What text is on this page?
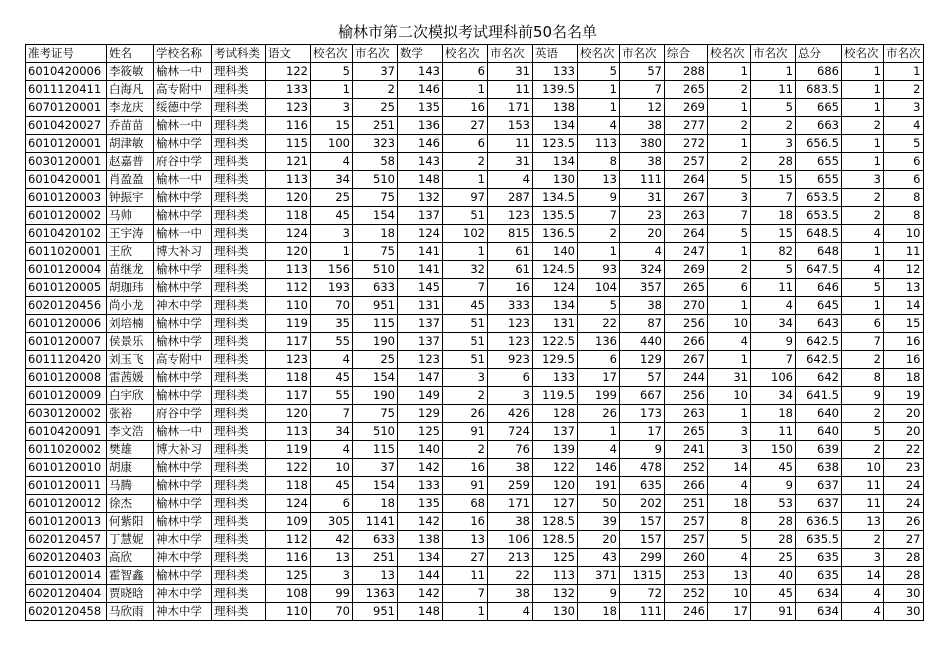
榆林市第二次模拟考试理科前50名名单
准考证号	姓名	学校名称	考试科类	语文	校名次	市名次	数学	校名次	市名次	英语	校名次	市名次	综合	校名次	市名次	总分	校名次	市名次
6010420006	李筱敏	榆林一中	理科类	122	5	37	143	6	31	133	5	57	288	1	1	686	1	1
6011120411	白海凡	高专附中	理科类	133	1	2	146	1	11	139.5	1	7	265	2	11	683.5	1	2
6070120001	李龙庆	绥德中学	理科类	123	3	25	135	16	171	138	1	12	269	1	5	665	1	3
6010420027	乔苗苗	榆林一中	理科类	116	15	251	136	27	153	134	4	38	277	2	2	663	2	4
6010120001	胡津敏	榆林中学	理科类	115	100	323	146	6	11	123.5	113	380	272	1	3	656.5	1	5
6030120001	赵嘉普	府谷中学	理科类	121	4	58	143	2	31	134	8	38	257	2	28	655	1	6
6010420001	肖盈盈	榆林一中	理科类	113	34	510	148	1	4	130	13	111	264	5	15	655	3	6
6010120003	钟振宇	榆林中学	理科类	120	25	75	132	97	287	134.5	9	31	267	3	7	653.5	2	8
6010120002	马帅	榆林中学	理科类	118	45	154	137	51	123	135.5	7	23	263	7	18	653.5	2	8
6010420102	王宇涛	榆林一中	理科类	124	3	18	124	102	815	136.5	2	20	264	5	15	648.5	4	10
6011020001	王欣	博大补习	理科类	120	1	75	141	1	61	140	1	4	247	1	82	648	1	11
6010120004	苗继龙	榆林中学	理科类	113	156	510	141	32	61	124.5	93	324	269	2	5	647.5	4	12
6010120005	胡珈玮	榆林中学	理科类	112	193	633	145	7	16	124	104	357	265	6	11	646	5	13
6020120456	尚小龙	神木中学	理科类	110	70	951	131	45	333	134	5	38	270	1	4	645	1	14
6010120006	刘培楠	榆林中学	理科类	119	35	115	137	51	123	131	22	87	256	10	34	643	6	15
6010120007	侯景乐	榆林中学	理科类	117	55	190	137	51	123	122.5	136	440	266	4	9	642.5	7	16
6011120420	刘玉飞	高专附中	理科类	123	4	25	123	51	923	129.5	6	129	267	1	7	642.5	2	16
6010120008	雷茜媛	榆林中学	理科类	118	45	154	147	3	6	133	17	57	244	31	106	642	8	18
6010120009	白宇欣	榆林中学	理科类	117	55	190	149	2	3	119.5	199	667	256	10	34	641.5	9	19
6030120002	张裕	府谷中学	理科类	120	7	75	129	26	426	128	26	173	263	1	18	640	2	20
6010420091	李文浩	榆林一中	理科类	113	34	510	125	91	724	137	1	17	265	3	11	640	5	20
6011020002	樊雄	博大补习	理科类	119	4	115	140	2	76	139	4	9	241	3	150	639	2	22
6010120010	胡康	榆林中学	理科类	122	10	37	142	16	38	122	146	478	252	14	45	638	10	23
6010120011	马腾	榆林中学	理科类	118	45	154	133	91	259	120	191	635	266	4	9	637	11	24
6010120012	徐杰	榆林中学	理科类	124	6	18	135	68	171	127	50	202	251	18	53	637	11	24
6010120013	何紫阳	榆林中学	理科类	109	305	1141	142	16	38	128.5	39	157	257	8	28	636.5	13	26
6020120457	丁慧妮	神木中学	理科类	112	42	633	138	13	106	128.5	20	157	257	5	28	635.5	2	27
6020120403	高欣	神木中学	理科类	116	13	251	134	27	213	125	43	299	260	4	25	635	3	28
6010120014	霍智鑫	榆林中学	理科类	125	3	13	144	11	22	113	371	1315	253	13	40	635	14	28
6020120404	贾晓晗	神木中学	理科类	108	99	1363	142	7	38	132	9	72	252	10	45	634	4	30
6020120458	马欣雨	神木中学	理科类	110	70	951	148	1	4	130	18	111	246	17	91	634	4	30
